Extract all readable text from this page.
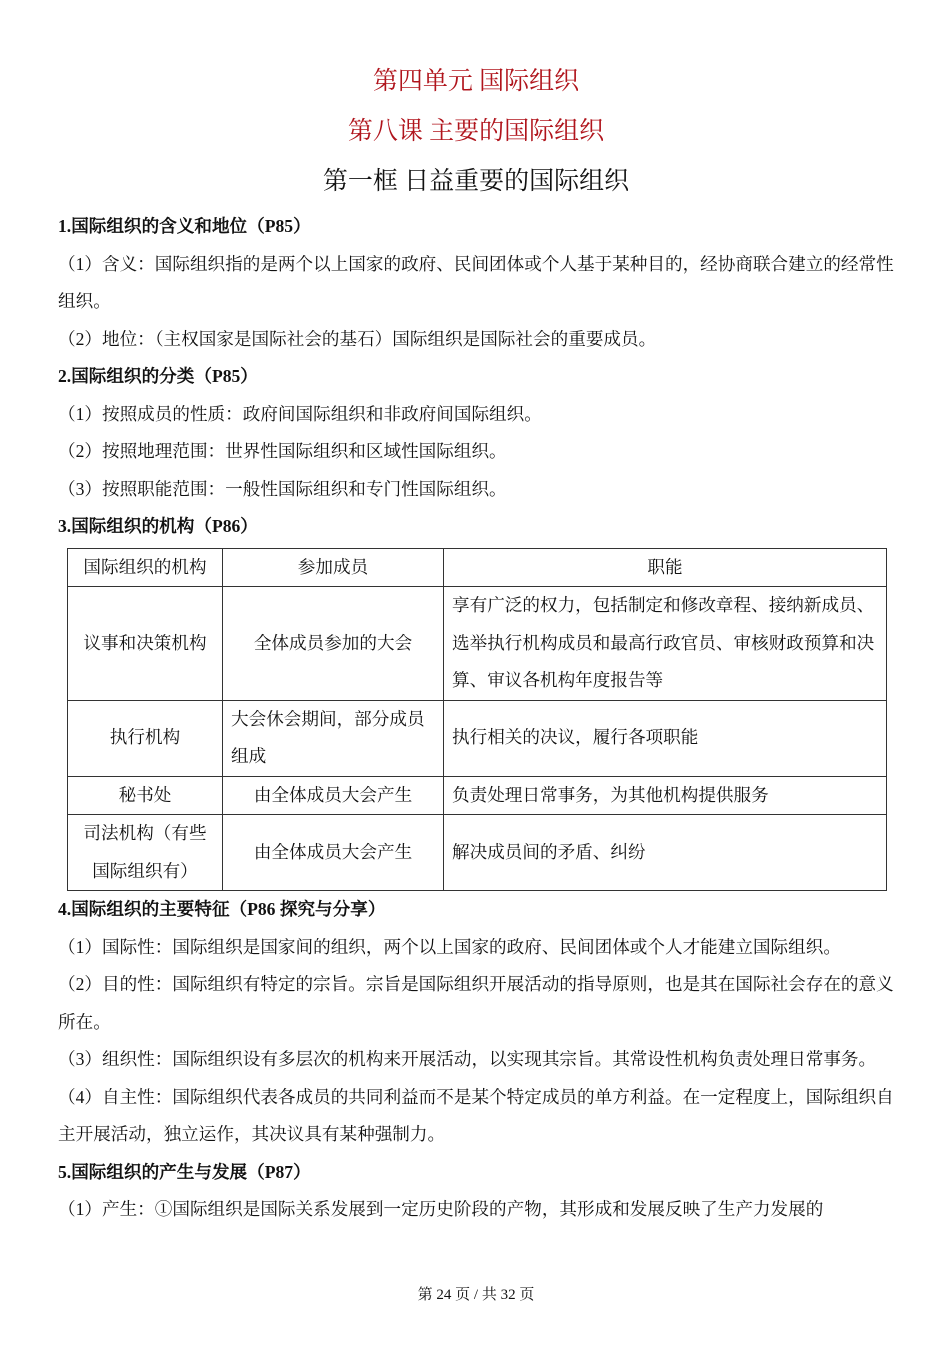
第四单元 国际组织
第八课 主要的国际组织
第一框 日益重要的国际组织

1.国际组织的含义和地位（P85）

（1）含义：国际组织指的是两个以上国家的政府、民间团体或个人基于某种目的，经协商联合建立的经常性组织。

（2）地位：（主权国家是国际社会的基石）国际组织是国际社会的重要成员。

2.国际组织的分类（P85）

（1）按照成员的性质：政府间国际组织和非政府间国际组织。

（2）按照地理范围：世界性国际组织和区域性国际组织。

（3）按照职能范围：一般性国际组织和专门性国际组织。

3.国际组织的机构（P86）

国际组织的机构	参加成员	职能
议事和决策机构	全体成员参加的大会	享有广泛的权力，包括制定和修改章程、接纳新成员、选举执行机构成员和最高行政官员、审核财政预算和决算、审议各机构年度报告等
执行机构	大会休会期间，部分成员组成	执行相关的决议，履行各项职能
秘书处	由全体成员大会产生	负责处理日常事务，为其他机构提供服务
司法机构（有些国际组织有）	由全体成员大会产生	解决成员间的矛盾、纠纷

4.国际组织的主要特征（P86 探究与分享）

（1）国际性：国际组织是国家间的组织，两个以上国家的政府、民间团体或个人才能建立国际组织。

（2）目的性：国际组织有特定的宗旨。宗旨是国际组织开展活动的指导原则，也是其在国际社会存在的意义所在。

（3）组织性：国际组织设有多层次的机构来开展活动，以实现其宗旨。其常设性机构负责处理日常事务。

（4）自主性：国际组织代表各成员的共同利益而不是某个特定成员的单方利益。在一定程度上，国际组织自主开展活动，独立运作，其决议具有某种强制力。

5.国际组织的产生与发展（P87）

（1）产生：①国际组织是国际关系发展到一定历史阶段的产物，其形成和发展反映了生产力发展的

第 24 页 / 共 32 页
